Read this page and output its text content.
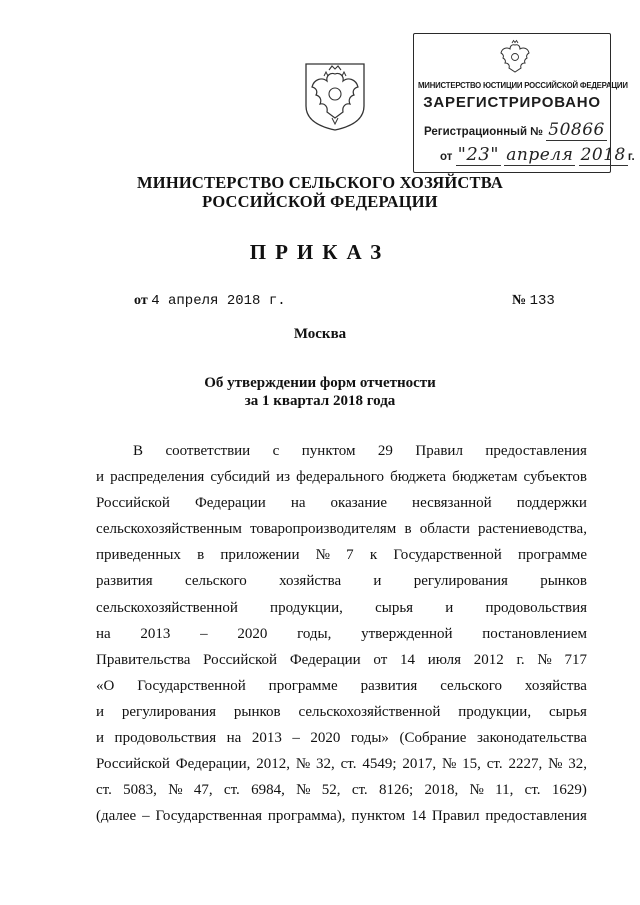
МИНИСТЕРСТВО ЮСТИЦИИ РОССИЙСКОЙ ФЕДЕРАЦИИ
ЗАРЕГИСТРИРОВАНО
Регистрационный № 50866
от "23" апреля 2018 г.
МИНИСТЕРСТВО СЕЛЬСКОГО ХОЗЯЙСТВА
РОССИЙСКОЙ ФЕДЕРАЦИИ
ПРИКАЗ
от 4 апреля 2018 г.	№ 133
Москва
Об утверждении форм отчетности
за 1 квартал 2018 года
В соответствии с пунктом 29 Правил предоставления
и распределения субсидий из федерального бюджета бюджетам субъектов
Российской Федерации на оказание несвязанной поддержки
сельскохозяйственным товаропроизводителям в области растениеводства,
приведенных в приложении № 7 к Государственной программе
развития сельского хозяйства и регулирования рынков
сельскохозяйственной продукции, сырья и продовольствия
на 2013 – 2020 годы, утвержденной постановлением
Правительства Российской Федерации от 14 июля 2012 г. № 717
«О Государственной программе развития сельского хозяйства
и регулирования рынков сельскохозяйственной продукции, сырья
и продовольствия на 2013 – 2020 годы» (Собрание законодательства
Российской Федерации, 2012, № 32, ст. 4549; 2017, № 15, ст. 2227, № 32,
ст. 5083, № 47, ст. 6984, № 52, ст. 8126; 2018, № 11, ст. 1629)
(далее – Государственная программа), пунктом 14 Правил предоставления
